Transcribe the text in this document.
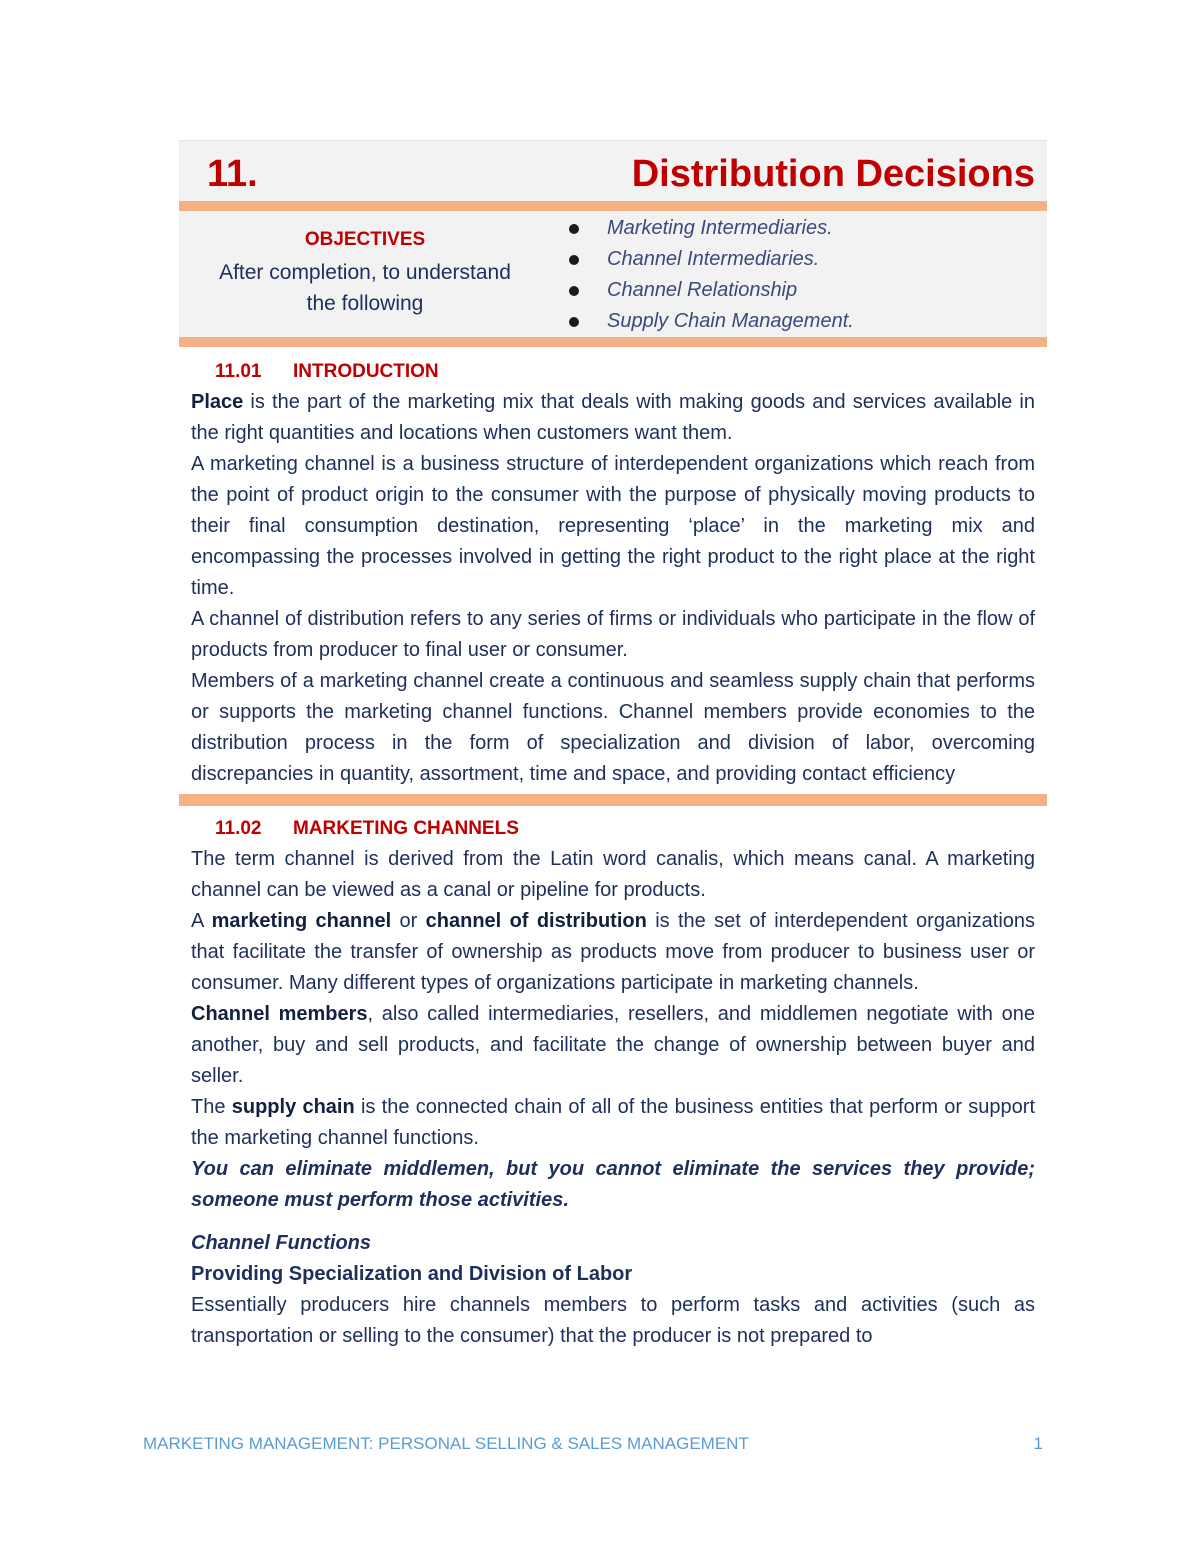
11.	Distribution Decisions
OBJECTIVES
After completion, to understand
the following
Marketing Intermediaries.
Channel Intermediaries.
Channel Relationship
Supply Chain Management.
11.01 INTRODUCTION

Place is the part of the marketing mix that deals with making goods and services available in the right quantities and locations when customers want them.

A marketing channel is a business structure of interdependent organizations which reach from the point of product origin to the consumer with the purpose of physically moving products to their final consumption destination, representing ‘place’ in the marketing mix and encompassing the processes involved in getting the right product to the right place at the right time.

A channel of distribution refers to any series of firms or individuals who participate in the flow of products from producer to final user or consumer.

Members of a marketing channel create a continuous and seamless supply chain that performs or supports the marketing channel functions. Channel members provide economies to the distribution process in the form of specialization and division of labor, overcoming discrepancies in quantity, assortment, time and space, and providing contact efficiency

11.02 MARKETING CHANNELS

The term channel is derived from the Latin word canalis, which means canal. A marketing channel can be viewed as a canal or pipeline for products.

A marketing channel or channel of distribution is the set of interdependent organizations that facilitate the transfer of ownership as products move from producer to business user or consumer. Many different types of organizations participate in marketing channels.

Channel members, also called intermediaries, resellers, and middlemen negotiate with one another, buy and sell products, and facilitate the change of ownership between buyer and seller.

The supply chain is the connected chain of all of the business entities that perform or support the marketing channel functions.

You can eliminate middlemen, but you cannot eliminate the services they provide; someone must perform those activities.

Channel Functions
Providing Specialization and Division of Labor

Essentially producers hire channels members to perform tasks and activities (such as transportation or selling to the consumer) that the producer is not prepared to

MARKETING MANAGEMENT: PERSONAL SELLING & SALES MANAGEMENT	1
